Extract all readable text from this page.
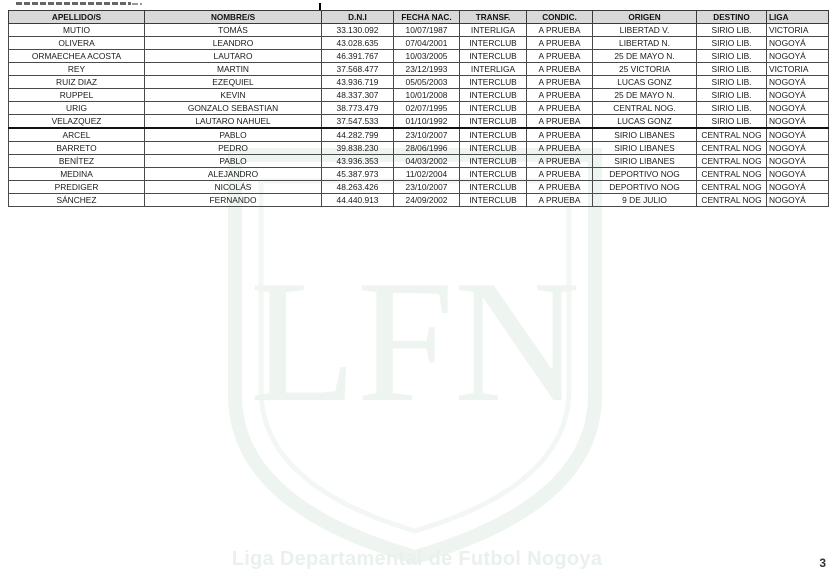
LFN
Liga Departamental de Futbol Nogoya
APELLIDO/S	NOMBRE/S	D.N.I	FECHA NAC.	TRANSF.	CONDIC.	ORIGEN	DESTINO	LIGA
MUTIO	TOMÁS	33.130.092	10/07/1987	INTERLIGA	A PRUEBA	LIBERTAD V.	SIRIO LIB.	VICTORIA
OLIVERA	LEANDRO	43.028.635	07/04/2001	INTERCLUB	A PRUEBA	LIBERTAD N.	SIRIO LIB.	NOGOYÁ
ORMAECHEA ACOSTA	LAUTARO	46.391.767	10/03/2005	INTERCLUB	A PRUEBA	25 DE MAYO N.	SIRIO LIB.	NOGOYÁ
REY	MARTIN	37.568.477	23/12/1993	INTERLIGA	A PRUEBA	25 VICTORIA	SIRIO LIB.	VICTORIA
RUIZ DIAZ	EZEQUIEL	43.936.719	05/05/2003	INTERCLUB	A PRUEBA	LUCAS GONZ	SIRIO LIB.	NOGOYÁ
RUPPEL	KEVIN	48.337.307	10/01/2008	INTERCLUB	A PRUEBA	25 DE MAYO N.	SIRIO LIB.	NOGOYÁ
URIG	GONZALO SEBASTIAN	38.773.479	02/07/1995	INTERCLUB	A PRUEBA	CENTRAL NOG.	SIRIO LIB.	NOGOYÁ
VELAZQUEZ	LAUTARO NAHUEL	37.547.533	01/10/1992	INTERCLUB	A PRUEBA	LUCAS GONZ	SIRIO LIB.	NOGOYÁ
ARCEL	PABLO	44.282.799	23/10/2007	INTERCLUB	A PRUEBA	SIRIO LIBANES	CENTRAL NOG	NOGOYÁ
BARRETO	PEDRO	39.838.230	28/06/1996	INTERCLUB	A PRUEBA	SIRIO LIBANES	CENTRAL NOG	NOGOYÁ
BENÍTEZ	PABLO	43.936.353	04/03/2002	INTERCLUB	A PRUEBA	SIRIO LIBANES	CENTRAL NOG	NOGOYÁ
MEDINA	ALEJANDRO	45.387.973	11/02/2004	INTERCLUB	A PRUEBA	DEPORTIVO NOG	CENTRAL NOG	NOGOYÁ
PREDIGER	NICOLÁS	48.263.426	23/10/2007	INTERCLUB	A PRUEBA	DEPORTIVO NOG	CENTRAL NOG	NOGOYÁ
SÁNCHEZ	FERNANDO	44.440.913	24/09/2002	INTERCLUB	A PRUEBA	9 DE JULIO	CENTRAL NOG	NOGOYÁ
3
